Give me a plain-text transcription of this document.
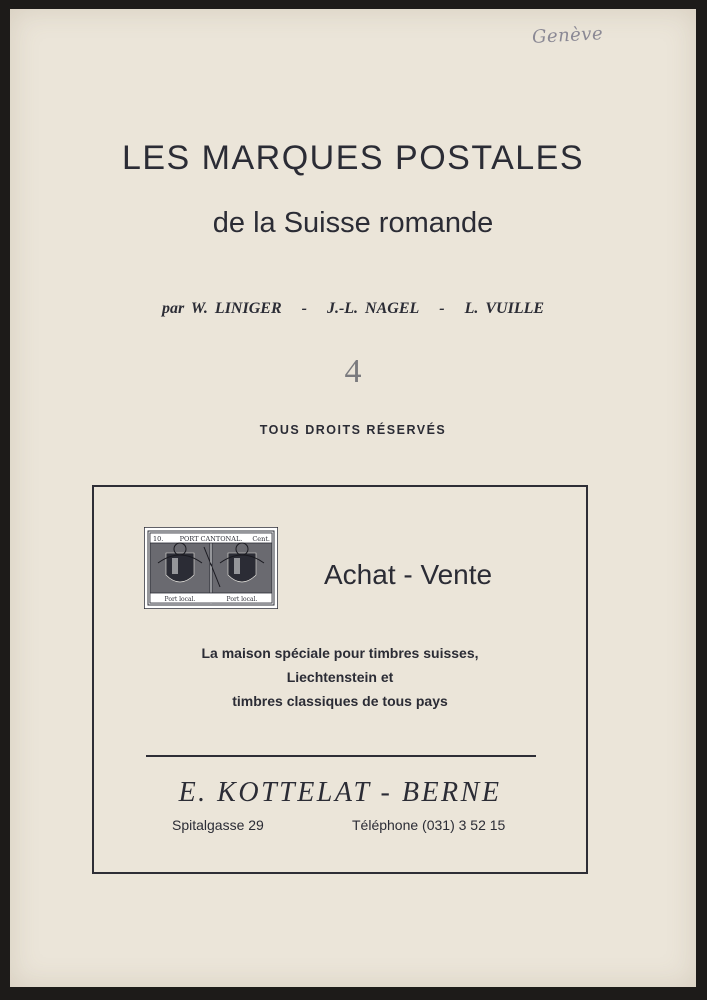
Genève
LES MARQUES POSTALES
de la Suisse romande
par W. LINIGER - J.-L. NAGEL - L. VUILLE
4
TOUS DROITS RÉSERVÉS
10.	PORT CANTONAL. Cent.
Port local.	Port local.
Achat - Vente
La maison spéciale pour timbres suisses,
Liechtenstein et
timbres classiques de tous pays
E. KOTTELAT - BERNE
Spitalgasse 29	Téléphone (031) 3 52 15
